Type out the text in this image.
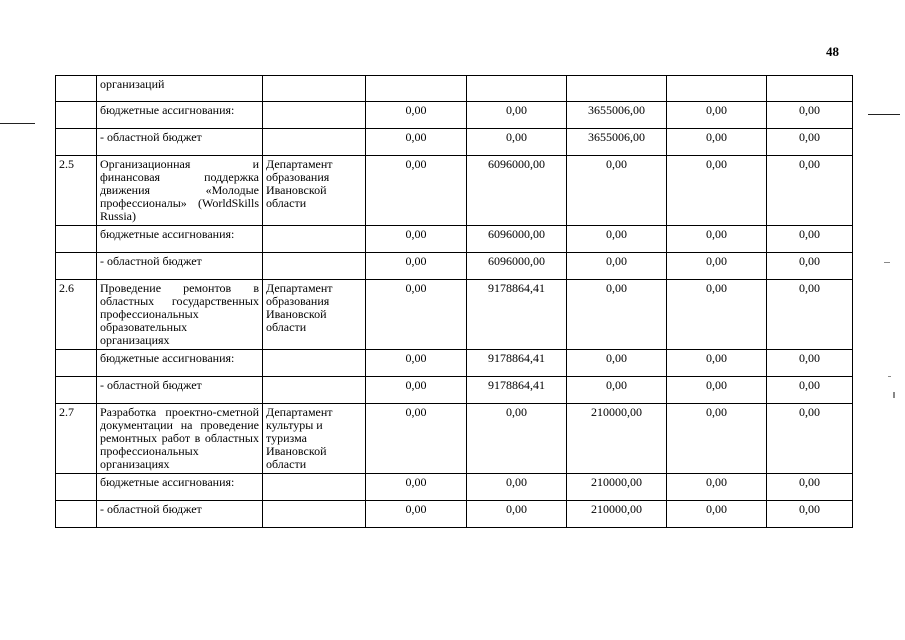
48
	организаций						
	бюджетные ассигнования:		0,00	0,00	3655006,00	0,00	0,00
	- областной бюджет		0,00	0,00	3655006,00	0,00	0,00
2.5	Организационная и финансовая поддержка движения «Молодые профессионалы» (WorldSkills Russia)	Департамент образования Ивановской области	0,00	6096000,00	0,00	0,00	0,00
	бюджетные ассигнования:		0,00	6096000,00	0,00	0,00	0,00
	- областной бюджет		0,00	6096000,00	0,00	0,00	0,00
2.6	Проведение ремонтов в областных государственных профессиональных образовательных организациях	Департамент образования Ивановской области	0,00	9178864,41	0,00	0,00	0,00
	бюджетные ассигнования:		0,00	9178864,41	0,00	0,00	0,00
	- областной бюджет		0,00	9178864,41	0,00	0,00	0,00
2.7	Разработка проектно-сметной документации на проведение ремонтных работ в областных профессиональных организациях	Департамент культуры и туризма Ивановской области	0,00	0,00	210000,00	0,00	0,00
	бюджетные ассигнования:		0,00	0,00	210000,00	0,00	0,00
	- областной бюджет		0,00	0,00	210000,00	0,00	0,00
